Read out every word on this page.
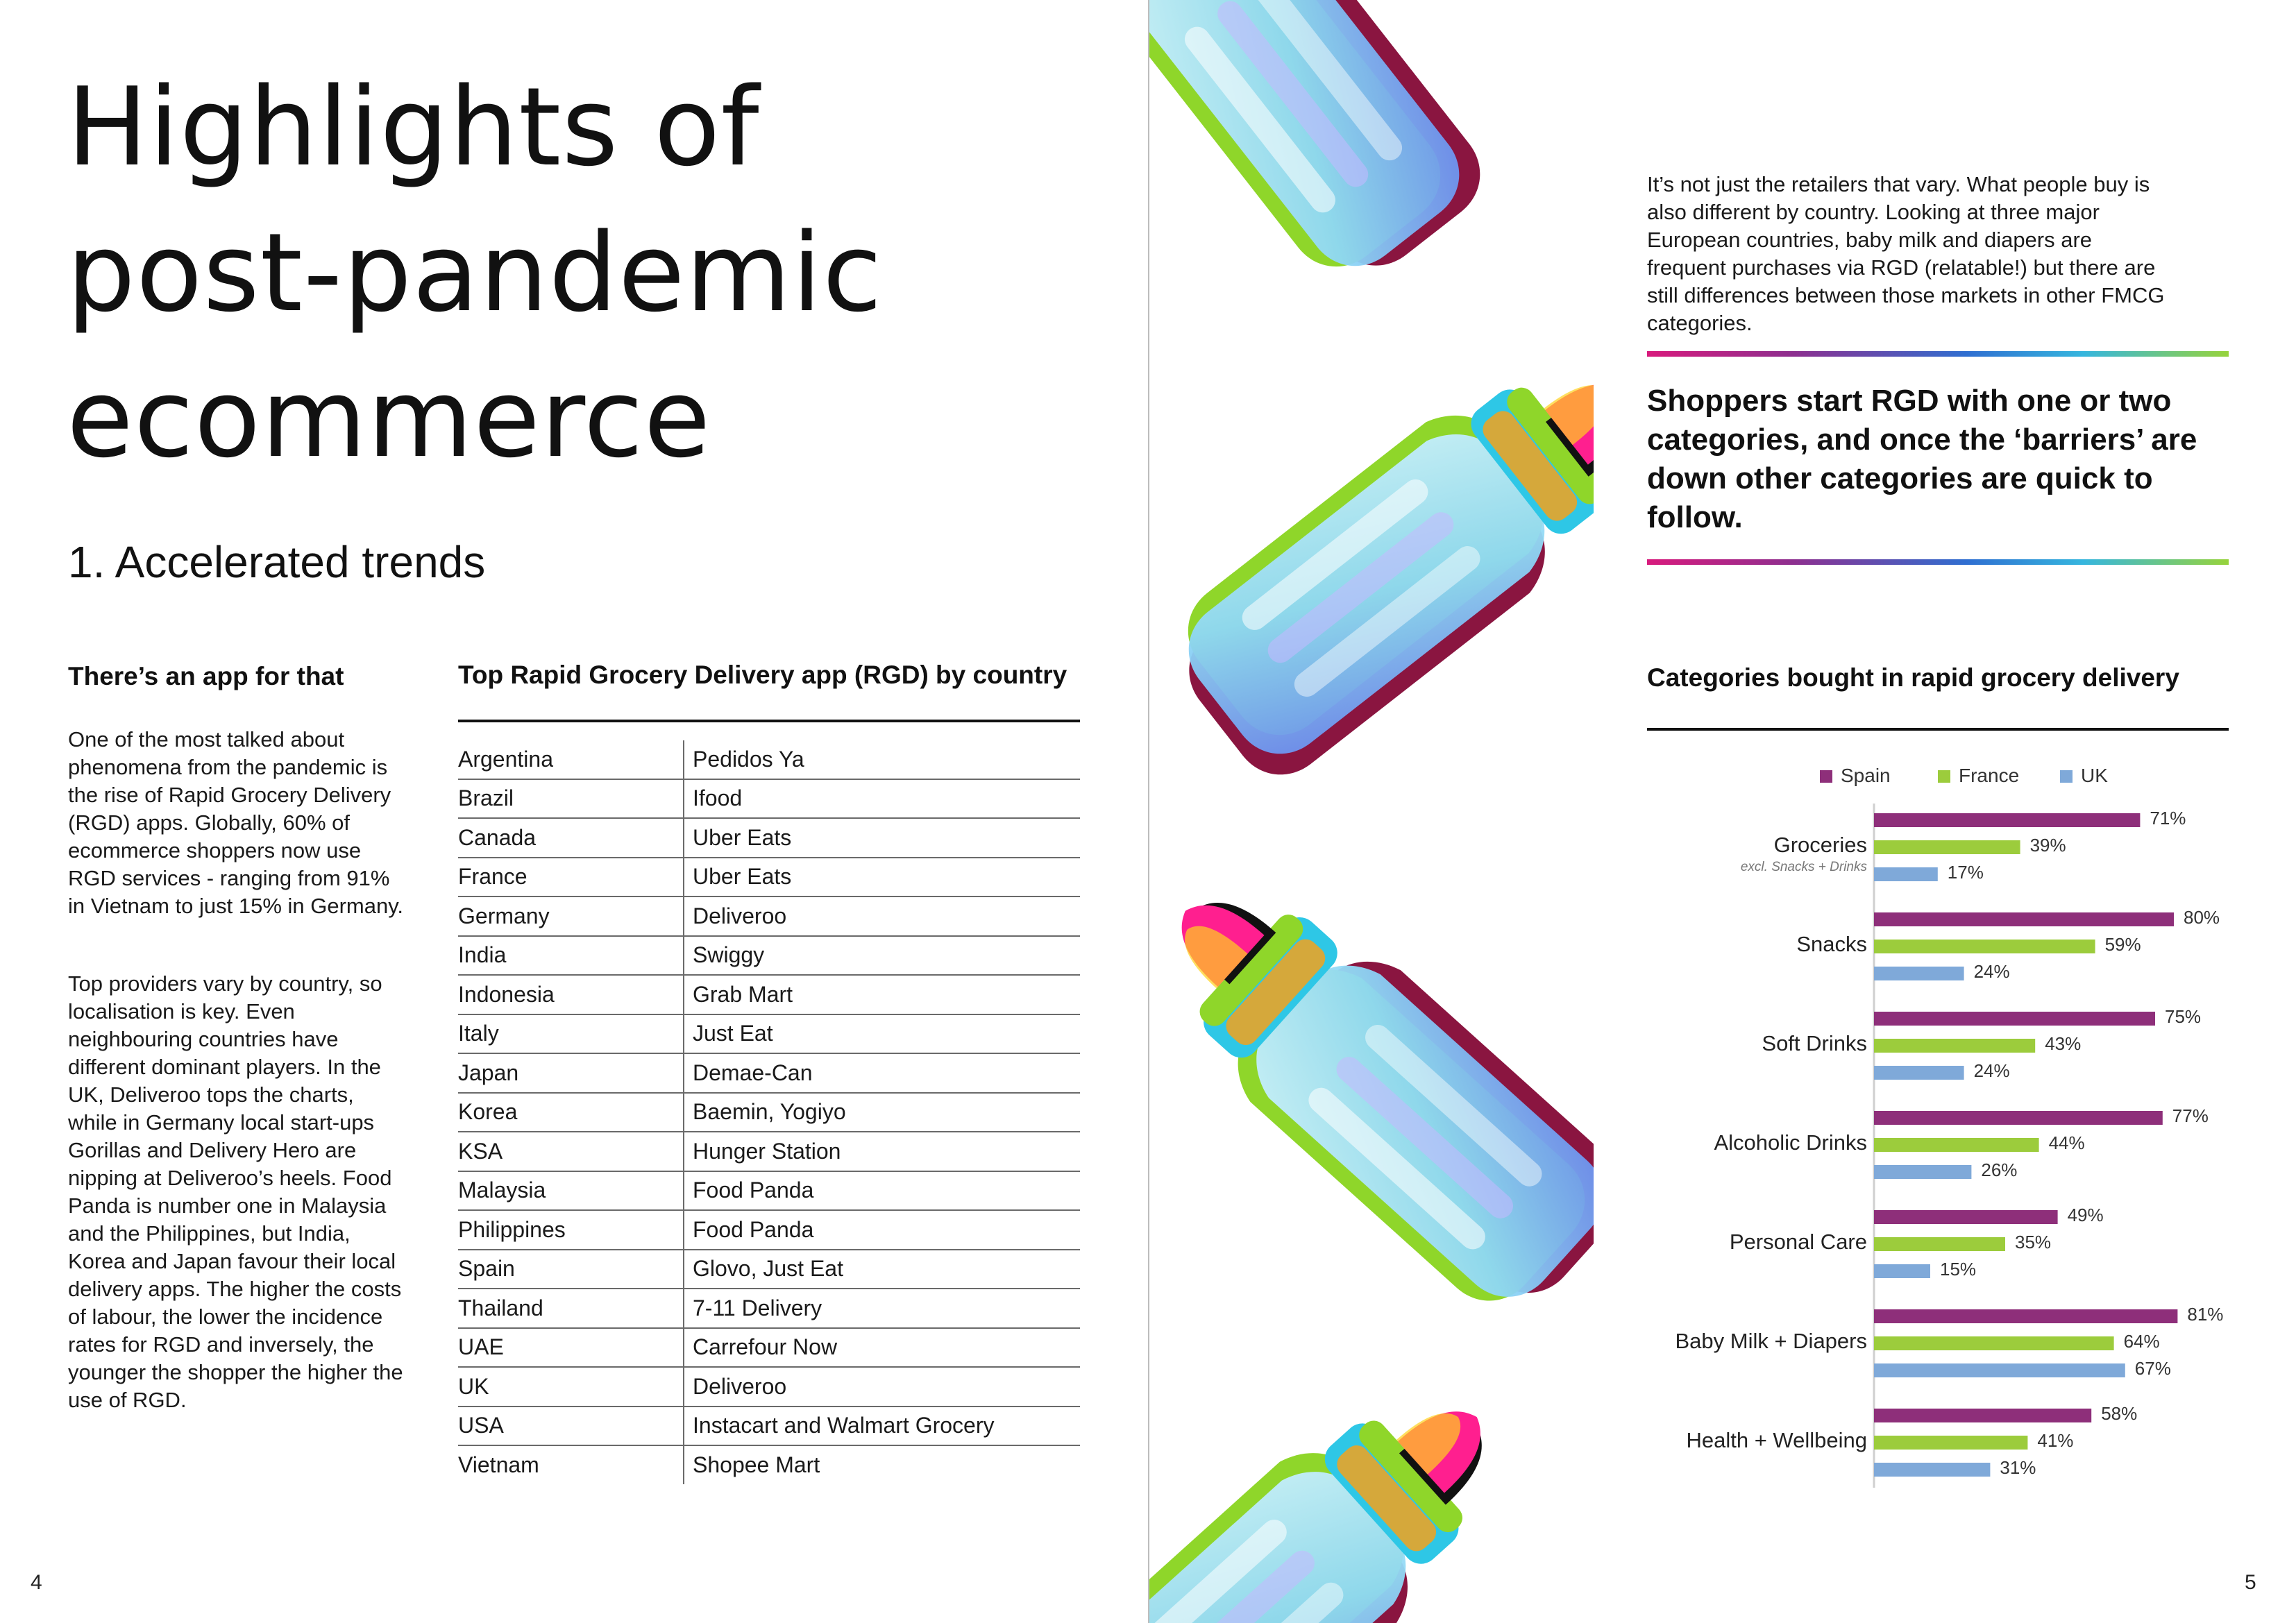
Highlights of
post-pandemic
ecommerce
1. Accelerated trends
There’s an app for that

One of the most talked about phenomena from the pandemic is the rise of Rapid Grocery Delivery (RGD) apps. Globally, 60% of ecommerce shoppers now use RGD services - ranging from 91% in Vietnam to just 15% in Germany.

Top providers vary by country, so localisation is key. Even neighbouring countries have different dominant players. In the UK, Deliveroo tops the charts, while in Germany local start-ups Gorillas and Delivery Hero are nipping at Deliveroo’s heels. Food Panda is number one in Malaysia and the Philippines, but India, Korea and Japan favour their local delivery apps. The higher the costs of labour, the lower the incidence rates for RGD and inversely, the younger the shopper the higher the use of RGD.

Top Rapid Grocery Delivery app (RGD) by country
Argentina	Pedidos Ya
Brazil	Ifood
Canada	Uber Eats
France	Uber Eats
Germany	Deliveroo
India	Swiggy
Indonesia	Grab Mart
Italy	Just Eat
Japan	Demae-Can
Korea	Baemin, Yogiyo
KSA	Hunger Station
Malaysia	Food Panda
Philippines	Food Panda
Spain	Glovo, Just Eat
Thailand	7-11 Delivery
UAE	Carrefour Now
UK	Deliveroo
USA	Instacart and Walmart Grocery
Vietnam	Shopee Mart
4

It’s not just the retailers that vary. What people buy is also different by country. Looking at three major European countries, baby milk and diapers are frequent purchases via RGD (relatable!) but there are still differences between those markets in other FMCG categories.

Shoppers start RGD with one or two categories, and once the ‘barriers’ are down other categories are quick to follow.

Categories bought in rapid grocery delivery
Spain	France	UK
Groceries
excl. Snacks + Drinks
71%
39%
17%
Snacks
80%
59%
24%
Soft Drinks
75%
43%
24%
Alcoholic Drinks
77%
44%
26%
Personal Care
49%
35%
15%
Baby Milk + Diapers
81%
64%
67%
Health + Wellbeing
58%
41%
31%
5
